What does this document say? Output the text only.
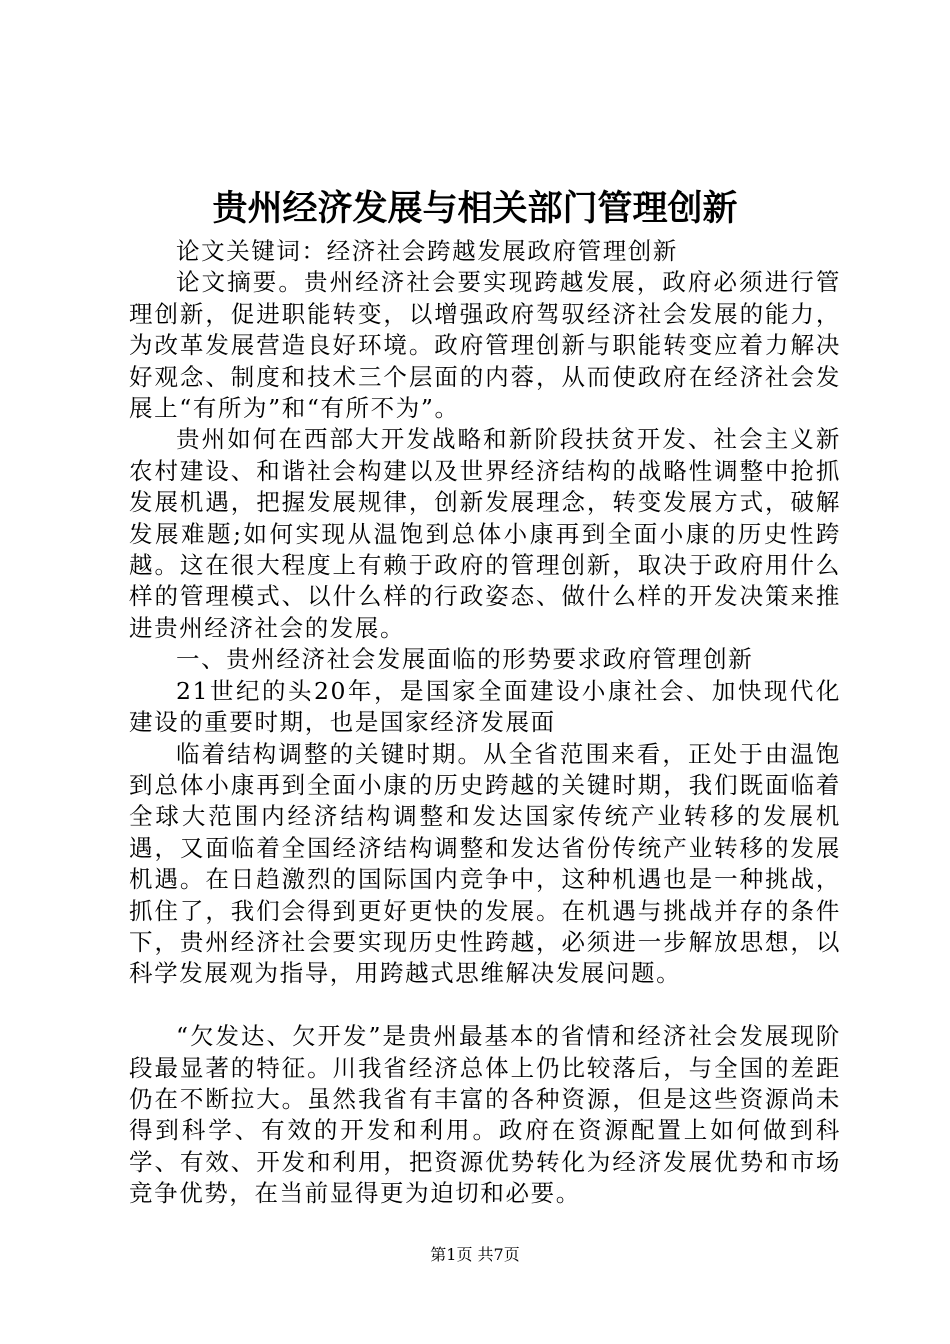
贵州经济发展与相关部门管理创新

论文关键词：经济社会跨越发展政府管理创新

论文摘要。贵州经济社会要实现跨越发展，政府必须进行管理创新，促进职能转变，以增强政府驾驭经济社会发展的能力，为改革发展营造良好环境。政府管理创新与职能转变应着力解决好观念、制度和技术三个层面的内蓉，从而使政府在经济社会发展上“有所为”和“有所不为”。

贵州如何在西部大开发战略和新阶段扶贫开发、社会主义新农村建设、和谐社会构建以及世界经济结构的战略性调整中抢抓发展机遇，把握发展规律，创新发展理念，转变发展方式，破解发展难题;如何实现从温饱到总体小康再到全面小康的历史性跨越。这在很大程度上有赖于政府的管理创新，取决于政府用什么样的管理模式、以什么样的行政姿态、做什么样的开发决策来推进贵州经济社会的发展。

一、贵州经济社会发展面临的形势要求政府管理创新

21世纪的头20年，是国家全面建设小康社会、加快现代化建设的重要时期，也是国家经济发展面

临着结构调整的关键时期。从全省范围来看，正处于由温饱到总体小康再到全面小康的历史跨越的关键时期，我们既面临着全球大范围内经济结构调整和发达国家传统产业转移的发展机遇，又面临着全国经济结构调整和发达省份传统产业转移的发展机遇。在日趋激烈的国际国内竞争中，这种机遇也是一种挑战，抓住了，我们会得到更好更快的发展。在机遇与挑战并存的条件下，贵州经济社会要实现历史性跨越，必须进一步解放思想，以科学发展观为指导，用跨越式思维解决发展问题。

“欠发达、欠开发”是贵州最基本的省情和经济社会发展现阶段最显著的特征。川我省经济总体上仍比较落后，与全国的差距仍在不断拉大。虽然我省有丰富的各种资源，但是这些资源尚未得到科学、有效的开发和利用。政府在资源配置上如何做到科学、有效、开发和利用，把资源优势转化为经济发展优势和市场竞争优势，在当前显得更为迫切和必要。

第1页 共7页
